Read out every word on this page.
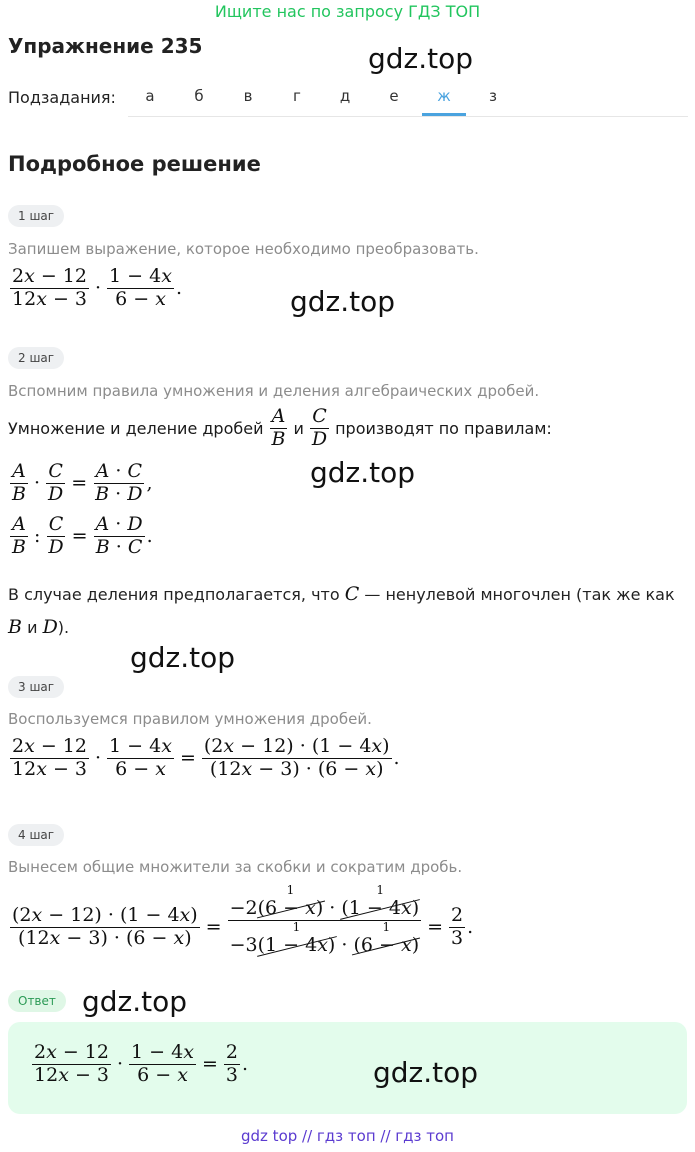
Ищите нас по запросу ГДЗ ТОП
Упражнение 235	gdz.top
Подзадания:	а	б	в	г	д	е	ж	з
Подробное решение
1 шаг
Запишем выражение, которое необходимо преобразовать.
$\frac{2x - 12}{12x - 3} \cdot \frac{1 - 4x}{6 - x}$ .	gdz.top
2 шаг
Вспомним правила умножения и деления алгебраических дробей.
Умножение и деление дробей $\frac{A}{B}$ и $\frac{C}{D}$ производят по правилам:
gdz.top
$\frac{A}{B} \cdot \frac{C}{D} = \frac{A \cdot C}{B \cdot D}$ ,
$\frac{A}{B}$ : $\frac{C}{D} = \frac{A \cdot D}{B \cdot C}$ .
В случае деления предполагается, что C — ненулевой многочлен (так же как
B и D).
gdz.top
3 шаг
Воспользуемся правилом умножения дробей.
$\frac{2x - 12}{12x - 3} \cdot \frac{1 - 4x}{6 - x} = \frac{(2x - 12) \cdot (1 - 4x)}{(12x - 3) \cdot (6 - x)}$ .
4 шаг
Вынесем общие множители за скобки и сократим дробь.
$\frac{(2x - 12) \cdot (1 - 4x)}{(12x - 3) \cdot (6 - x)} = -2(6 - x)$
1
· (1 − 4x)
1
−3(1 − 4x)
1
· (6 − x)
$1 = \frac{2}{3}$ .
Ответ gdz.top
$\frac{2x - 12}{12x - 3} \cdot \frac{1 - 4x}{6 - x} = \frac{2}{3}$ .	gdz.top
gdz top // гдз топ // гдз топ
